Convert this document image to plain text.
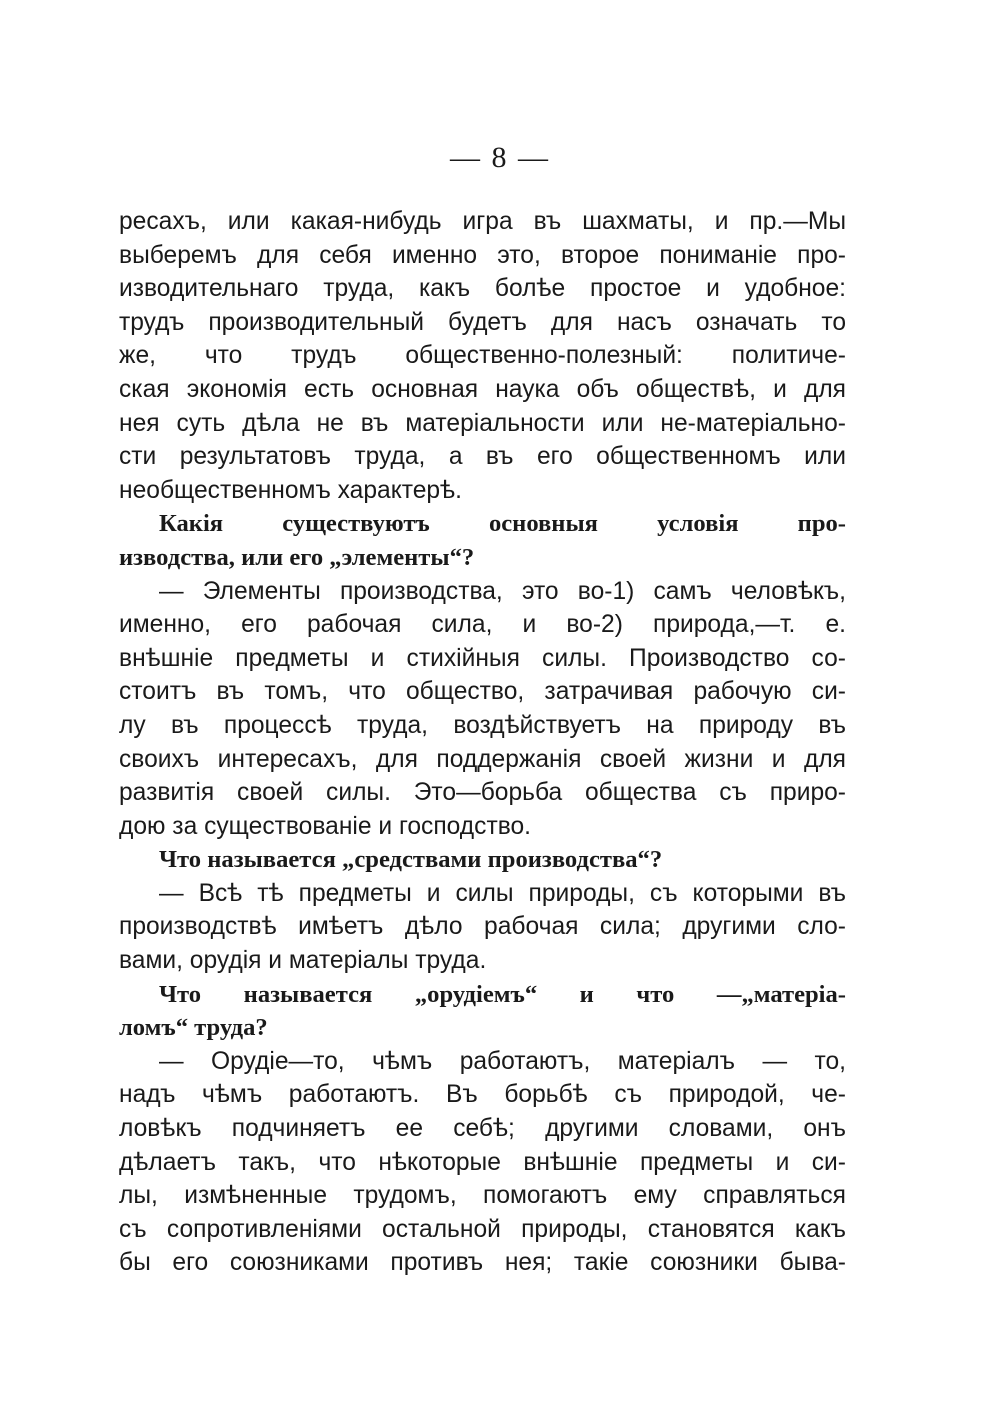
— 8 —
ресахъ, или какая-нибудь игра въ шахматы, и пр.—Мы
выберемъ для себя именно это, второе пониманіе про-
изводительнаго труда, какъ болѣе простое и удобное:
трудъ производительный будетъ для насъ означать то
же, что трудъ общественно-полезный: политиче-
ская экономія есть основная наука объ обществѣ, и для
нея суть дѣла не въ матеріальности или не-матеріально-
сти результатовъ труда, а въ его общественномъ или
необщественномъ характерѣ.
Какія существуютъ основныя условія про-
изводства, или его „элементы“?
— Элементы производства, это во-1) самъ человѣкъ,
именно, его рабочая сила, и во-2) природа,—т. е.
внѣшніе предметы и стихійныя силы. Производство со-
стоитъ въ томъ, что общество, затрачивая рабочую си-
лу въ процессѣ труда, воздѣйствуетъ на природу въ
своихъ интересахъ, для поддержанія своей жизни и для
развитія своей силы. Это—борьба общества съ приро-
дою за существованіе и господство.
Что называется „средствами производства“?
— Всѣ тѣ предметы и силы природы, съ которыми въ
производствѣ имѣетъ дѣло рабочая сила; другими сло-
вами, орудія и матеріалы труда.
Что называется „орудіемъ“ и что —„матеріа-
ломъ“ труда?
— Орудіе—то, чѣмъ работаютъ, матеріалъ — то,
надъ чѣмъ работаютъ. Въ борьбѣ съ природой, че-
ловѣкъ подчиняетъ ее себѣ; другими словами, онъ
дѣлаетъ такъ, что нѣкоторые внѣшніе предметы и си-
лы, измѣненные трудомъ, помогаютъ ему справляться
съ сопротивленіями остальной природы, становятся какъ
бы его союзниками противъ нея; такіе союзники быва-
